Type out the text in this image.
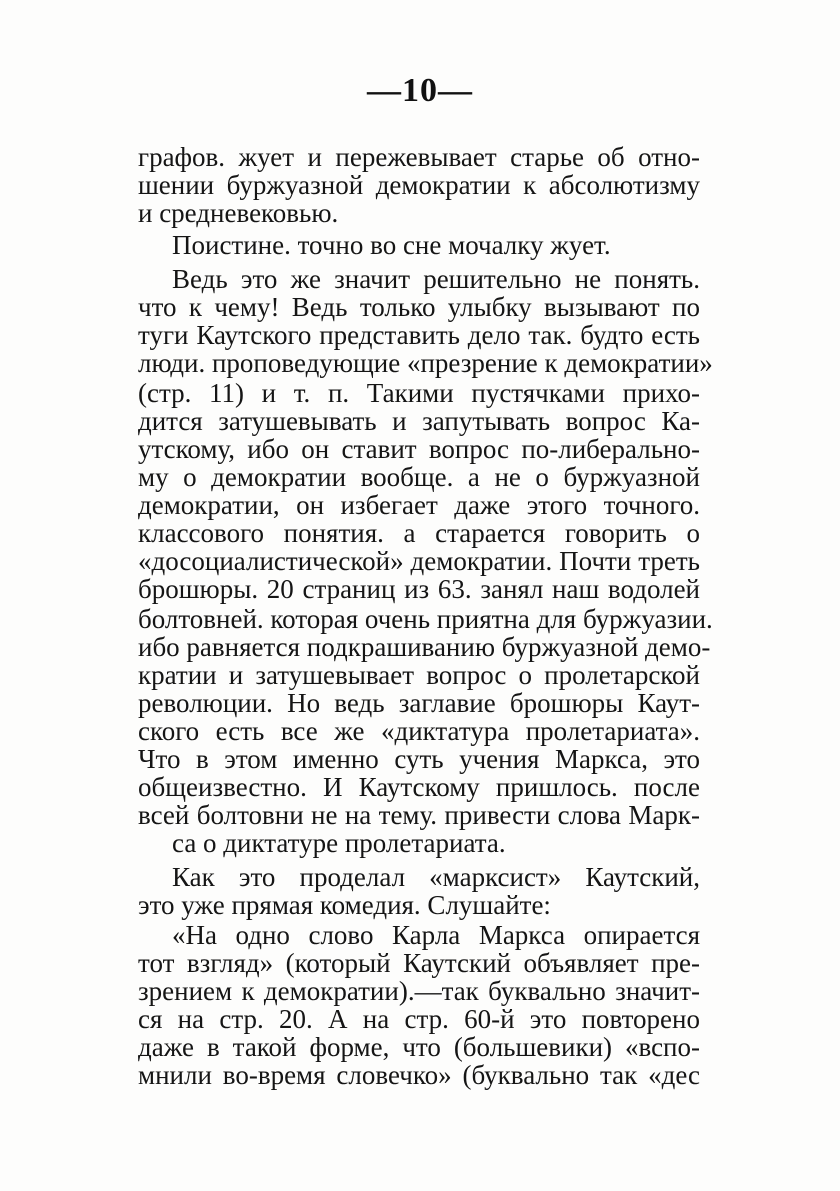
—10—
графов. жует и пережевывает старье об отно-
шении буржуазной демократии к абсолютизму
и средневековью.
Поистине. точно во сне мочалку жует.
Ведь это же значит решительно не понять.
что к чему! Ведь только улыбку вызывают по
туги Каутского представить дело так. будто есть
люди. проповедующие «презрение к демократии»
(стр. 11) и т. п. Такими пустячками прихо-
дится затушевывать и запутывать вопрос Ка-
утскому, ибо он ставит вопрос по-либерально-
му о демократии вообще. а не о буржуазной
демократии, он избегает даже этого точного.
классового понятия. а старается говорить о
«досоциалистической» демократии. Почти треть
брошюры. 20 страниц из 63. занял наш водолей
болтовней. которая очень приятна для буржуазии.
ибо равняется подкрашиванию буржуазной демо-
кратии и затушевывает вопрос о пролетарской
революции. Но ведь заглавие брошюры Каут-
ского есть все же «диктатура пролетариата».
Что в этом именно суть учения Маркса, это
общеизвестно. И Каутскому пришлось. после
всей болтовни не на тему. привести слова Марк-
са о диктатуре пролетариата.
Как это проделал «марксист» Каутский,
это уже прямая комедия. Слушайте:
«На одно слово Карла Маркса опирается
тот взгляд» (который Каутский объявляет пре-
зрением к демократии).—так буквально значит-
ся на стр. 20. А на стр. 60-й это повторено
даже в такой форме, что (большевики) «вспо-
мнили во-время словечко» (буквально так «дес
